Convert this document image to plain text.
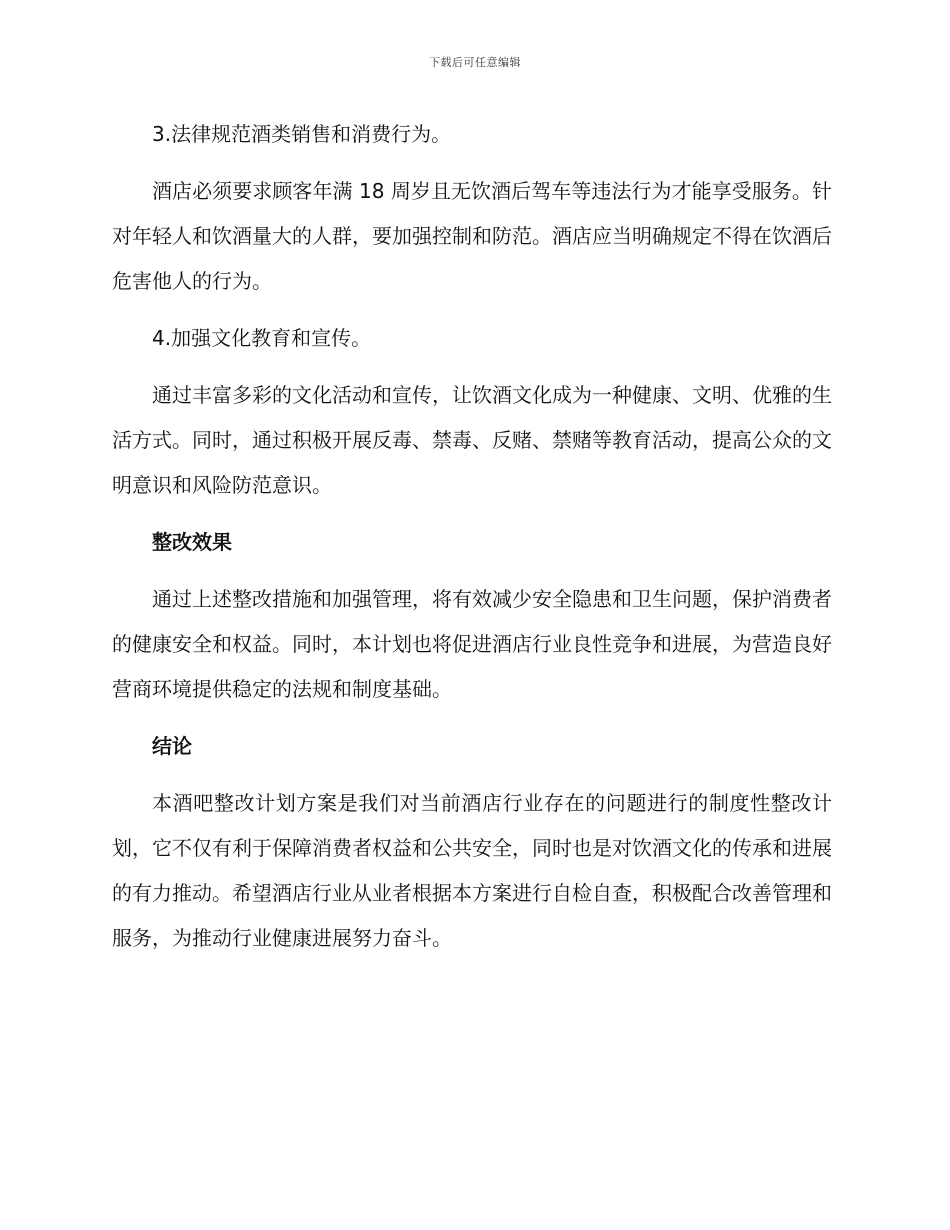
下载后可任意编辑

3.法律规范酒类销售和消费行为。

酒店必须要求顾客年满 18 周岁且无饮酒后驾车等违法行为才能享受服务。针对年轻人和饮酒量大的人群，要加强控制和防范。酒店应当明确规定不得在饮酒后危害他人的行为。

4.加强文化教育和宣传。

通过丰富多彩的文化活动和宣传，让饮酒文化成为一种健康、文明、优雅的生活方式。同时，通过积极开展反毒、禁毒、反赌、禁赌等教育活动，提高公众的文明意识和风险防范意识。

整改效果

通过上述整改措施和加强管理，将有效减少安全隐患和卫生问题，保护消费者的健康安全和权益。同时，本计划也将促进酒店行业良性竞争和进展，为营造良好营商环境提供稳定的法规和制度基础。

结论

本酒吧整改计划方案是我们对当前酒店行业存在的问题进行的制度性整改计划，它不仅有利于保障消费者权益和公共安全，同时也是对饮酒文化的传承和进展的有力推动。希望酒店行业从业者根据本方案进行自检自查，积极配合改善管理和服务，为推动行业健康进展努力奋斗。
